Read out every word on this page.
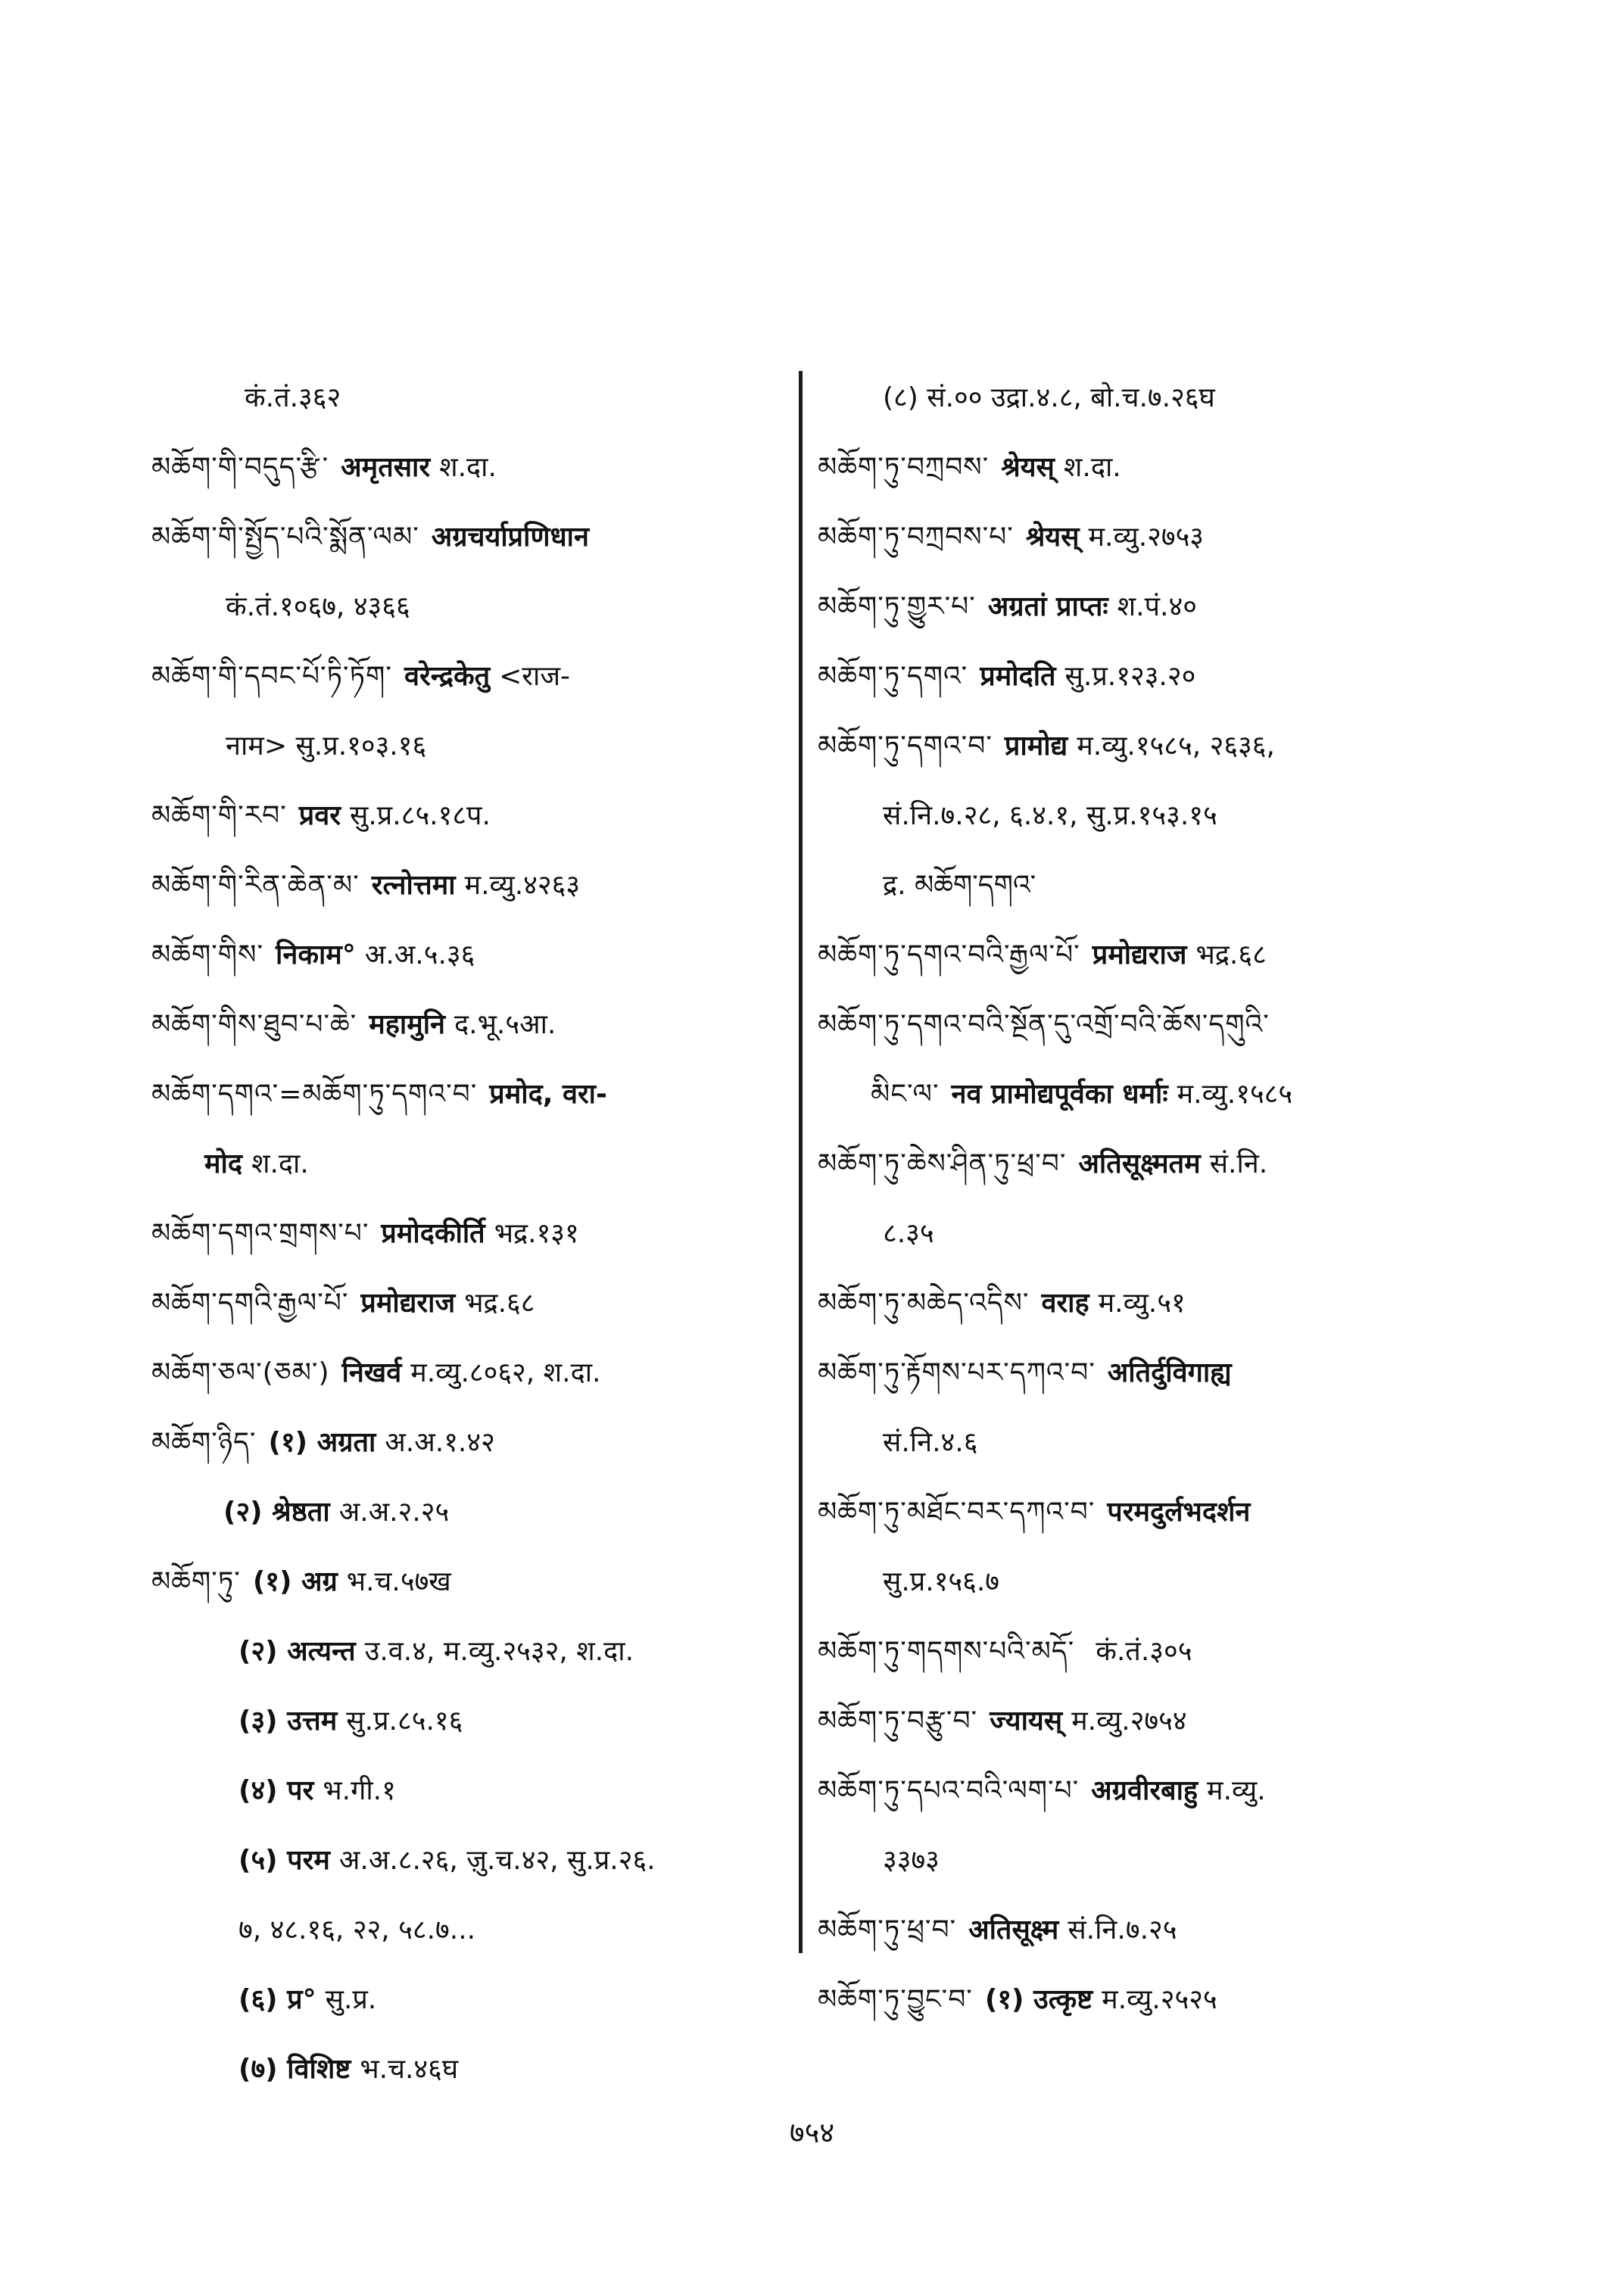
कं.तं.३६२
མཆོག་གི་བདུད་རྩི་ अमृतसार श.दा.
མཆོག་གི་སྤྱོད་པའི་སྨོན་ལམ་ अग्रचर्याप्रणिधान
कं.तं.१०६७, ४३६६
མཆོག་གི་དབང་པོ་ཏི་ཏོག་ वरेन्द्रकेतु <राज-
नाम> सु.प्र.१०३.१६
མཆོག་གི་རབ་ प्रवर सु.प्र.८५.१८प.
མཆོག་གི་རིན་ཆེན་མ་ रत्नोत्तमा म.व्यु.४२६३
མཆོག་གིས་ निकाम° अ.अ.५.३६
མཆོག་གིས་ཐུབ་པ་ཆེ་ महामुनि द.भू.५आ.
མཆོག་དགའ་=མཆོག་ཏུ་དགའ་བ་ प्रमोद, वरा-
मोद श.दा.
མཆོག་དགའ་གྲགས་པ་ प्रमोदकीर्ति भद्र.१३१
མཆོག་དགའི་རྒྱལ་པོ་ प्रमोद्यराज भद्र.६८
མཆོག་ཅལ་(ཅམ་) निखर्व म.व्यु.८०६२, श.दा.
མཆོག་ཉིད་ (१) अग्रता अ.अ.१.४२
(२) श्रेष्ठता अ.अ.२.२५
མཆོག་ཏུ་ (१) अग्र भ.च.५७ख
(२) अत्यन्त उ.व.४, म.व्यु.२५३२, श.दा.
(३) उत्तम सु.प्र.८५.१६
(४) पर भ.गी.१
(५) परम अ.अ.८.२६, ज़ु.च.४२, सु.प्र.२६.
७, ४८.१६, २२, ५८.७...
(६) प्र° सु.प्र.
(७) विशिष्ट भ.च.४६घ
(८) सं.०० उद्रा.४.८, बो.च.७.२६घ
མཆོག་ཏུ་བཀྲབས་ श्रेयस् श.दा.
མཆོག་ཏུ་བཀྲབས་པ་ श्रेयस् म.व्यु.२७५३
མཆོག་ཏུ་གྱུར་པ་ अग्रतां प्राप्तः श.पं.४०
མཆོག་ཏུ་དགའ་ प्रमोदति सु.प्र.१२३.२०
མཆོག་ཏུ་དགའ་བ་ प्रामोद्य म.व्यु.१५८५, २६३६,
सं.नि.७.२८, ६.४.१, सु.प्र.१५३.१५
द्र. མཆོག་དགའ་
མཆོག་ཏུ་དགའ་བའི་རྒྱལ་པོ་ प्रमोद्यराज भद्र.६८
མཆོག་ཏུ་དགའ་བའི་སྔོན་དུ་འགྲོ་བའི་ཆོས་དགུའི་
མིང་ལ་ नव प्रामोद्यपूर्वका धर्माः म.व्यु.१५८५
མཆོག་ཏུ་ཆེས་ཤིན་ཏུ་ཕྲ་བ་ अतिसूक्ष्मतम सं.नि.
८.३५
མཆོག་ཏུ་མཆེད་འདིས་ वराह म.व्यु.५१
མཆོག་ཏུ་རྟོགས་པར་དཀའ་བ་ अतिर्दुविगाह्य
सं.नि.४.६
མཆོག་ཏུ་མཐོང་བར་དཀའ་བ་ परमदुर्लभदर्शन
सु.प्र.१५६.७
མཆོག་ཏུ་གདགས་པའི་མདོ་ कं.तं.३०५
མཆོག་ཏུ་བརྩུ་བ་ ज्यायस् म.व्यु.२७५४
མཆོག་ཏུ་དཔའ་བའི་ལག་པ་ अग्रवीरबाहु म.व्यु.
३३७३
མཆོག་ཏུ་ཕྲ་བ་ अतिसूक्ष्म सं.नि.७.२५
མཆོག་ཏུ་བྱུང་བ་ (१) उत्कृष्ट म.व्यु.२५२५
७५४
